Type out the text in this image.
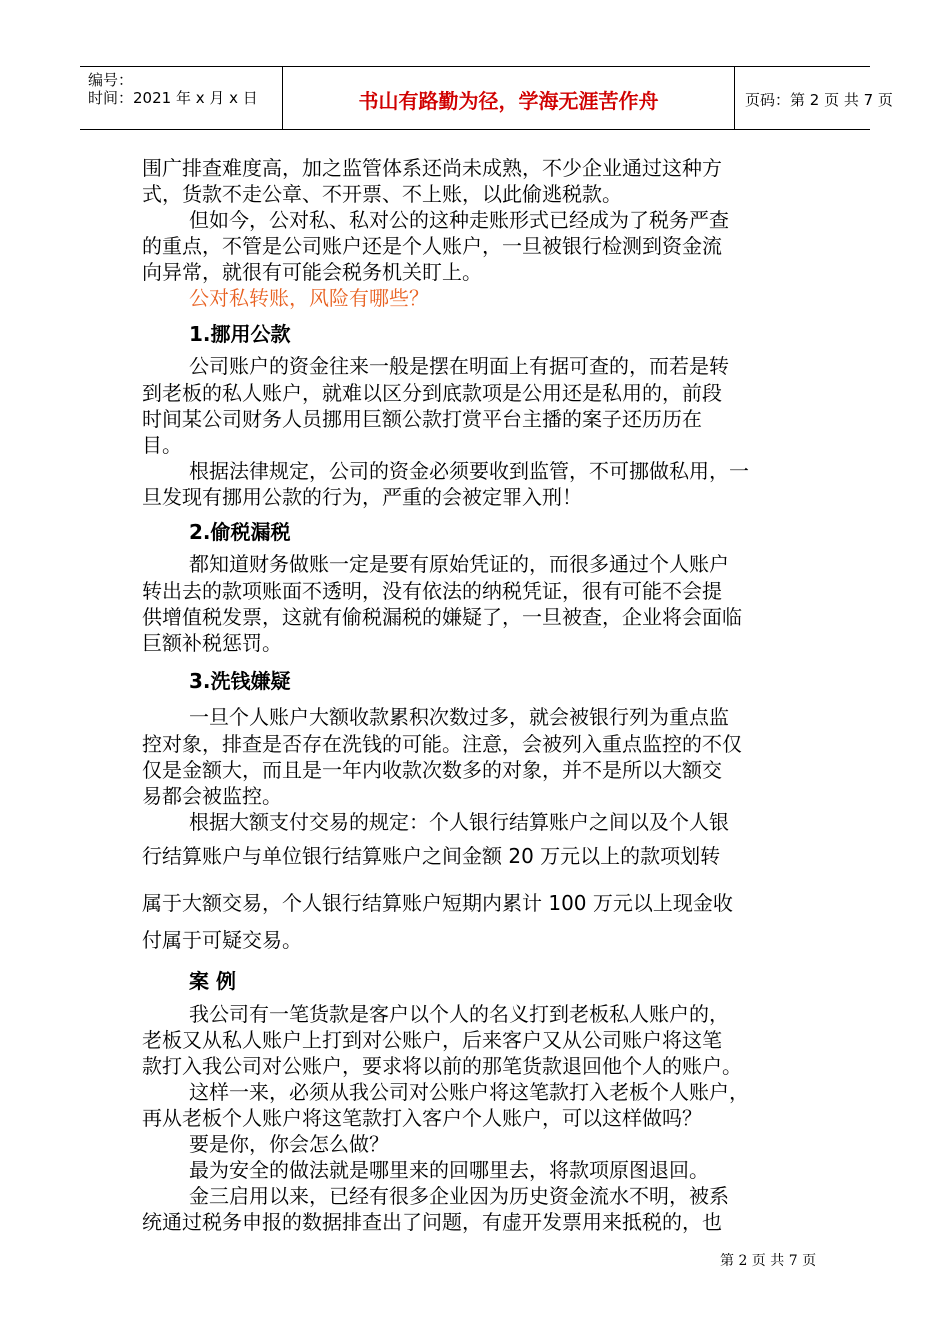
编号：
时间：2021 年 x 月 x 日	书山有路勤为径，学海无涯苦作舟	页码：第 2 页 共 7 页
围广排查难度高，加之监管体系还尚未成熟，不少企业通过这种方
式，货款不走公章、不开票、不上账，以此偷逃税款。
但如今，公对私、私对公的这种走账形式已经成为了税务严查
的重点，不管是公司账户还是个人账户，一旦被银行检测到资金流
向异常，就很有可能会税务机关盯上。
公对私转账，风险有哪些？
1.挪用公款
公司账户的资金往来一般是摆在明面上有据可查的，而若是转
到老板的私人账户，就难以区分到底款项是公用还是私用的，前段
时间某公司财务人员挪用巨额公款打赏平台主播的案子还历历在
目。
根据法律规定，公司的资金必须要收到监管，不可挪做私用，一
旦发现有挪用公款的行为，严重的会被定罪入刑！
2.偷税漏税
都知道财务做账一定是要有原始凭证的，而很多通过个人账户
转出去的款项账面不透明，没有依法的纳税凭证，很有可能不会提
供增值税发票，这就有偷税漏税的嫌疑了，一旦被查，企业将会面临
巨额补税惩罚。
3.洗钱嫌疑
一旦个人账户大额收款累积次数过多，就会被银行列为重点监
控对象，排查是否存在洗钱的可能。注意，会被列入重点监控的不仅
仅是金额大，而且是一年内收款次数多的对象，并不是所以大额交
易都会被监控。
根据大额支付交易的规定：个人银行结算账户之间以及个人银
行结算账户与单位银行结算账户之间金额 20 万元以上的款项划转
属于大额交易，个人银行结算账户短期内累计 100 万元以上现金收
付属于可疑交易。
案 例
我公司有一笔货款是客户以个人的名义打到老板私人账户的，
老板又从私人账户上打到对公账户，后来客户又从公司账户将这笔
款打入我公司对公账户，要求将以前的那笔货款退回他个人的账户。
这样一来，必须从我公司对公账户将这笔款打入老板个人账户，
再从老板个人账户将这笔款打入客户个人账户，可以这样做吗？
要是你，你会怎么做？
最为安全的做法就是哪里来的回哪里去，将款项原图退回。
金三启用以来，已经有很多企业因为历史资金流水不明，被系
统通过税务申报的数据排查出了问题，有虚开发票用来抵税的，也
第 2 页 共 7 页
